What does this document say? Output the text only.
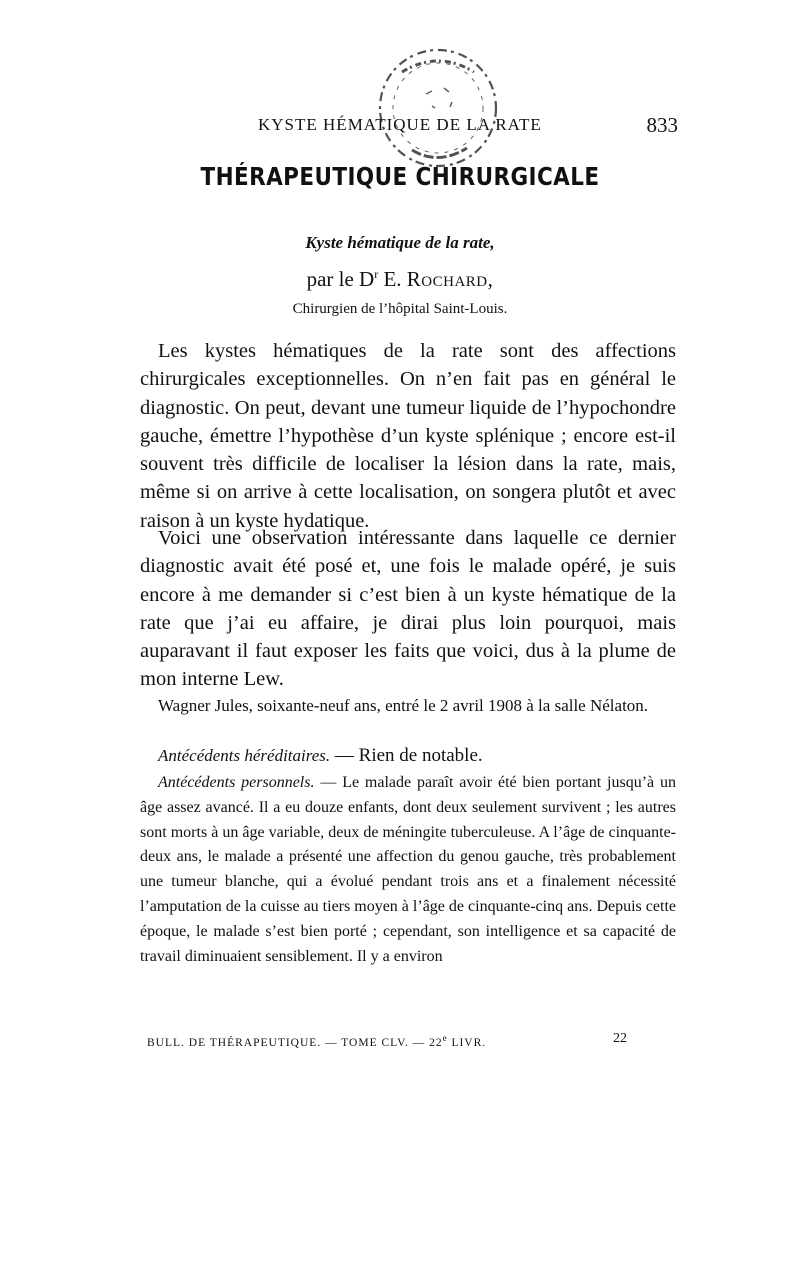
KYSTE HÉMATIQUE DE LA RATE	833
THÉRAPEUTIQUE CHIRURGICALE
Kyste hématique de la rate,
par le $D^r$ E. Rochard,
Chirurgien de l’hôpital Saint-Louis.

Les kystes hématiques de la rate sont des affections chirurgicales exceptionnelles. On n’en fait pas en général le diagnostic. On peut, devant une tumeur liquide de l’hypochondre gauche, émettre l’hypothèse d’un kyste splénique ; encore est-il souvent très difficile de localiser la lésion dans la rate, mais, même si on arrive à cette localisation, on songera plutôt et avec raison à un kyste hydatique.

Voici une observation intéressante dans laquelle ce dernier diagnostic avait été posé et, une fois le malade opéré, je suis encore à me demander si c’est bien à un kyste hématique de la rate que j’ai eu affaire, je dirai plus loin pourquoi, mais auparavant il faut exposer les faits que voici, dus à la plume de mon interne Lew.

Wagner Jules, soixante-neuf ans, entré le 2 avril 1908 à la salle Nélaton.

Antécédents héréditaires. — Rien de notable.

Antécédents personnels. — Le malade paraît avoir été bien portant jusqu’à un âge assez avancé. Il a eu douze enfants, dont deux seulement survivent ; les autres sont morts à un âge variable, deux de méningite tuberculeuse. A l’âge de cinquante-deux ans, le malade a présenté une affection du genou gauche, très probablement une tumeur blanche, qui a évolué pendant trois ans et a finalement nécessité l’amputation de la cuisse au tiers moyen à l’âge de cinquante-cinq ans. Depuis cette époque, le malade s’est bien porté ; cependant, son intelligence et sa capacité de travail diminuaient sensiblement. Il y a environ

BULL. DE THÉRAPEUTIQUE. — TOME CLV. — 22e LIVR.	22
